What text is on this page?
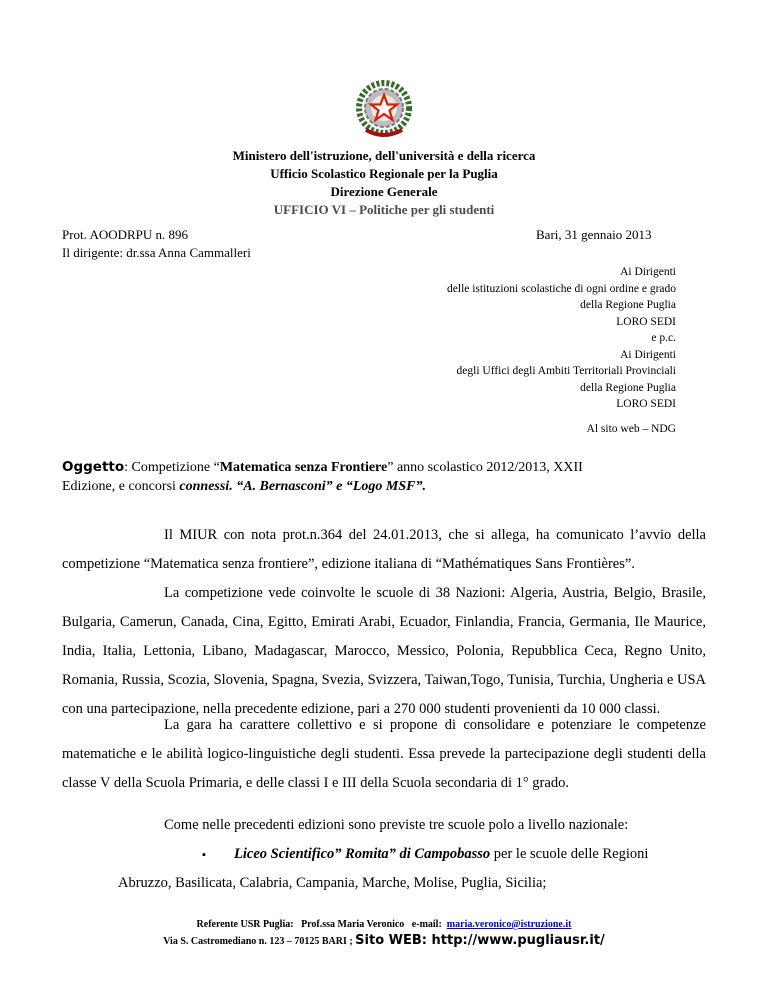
Ministero dell'istruzione, dell'università e della ricerca
Ufficio Scolastico Regionale per la Puglia
Direzione Generale
UFFICIO VI – Politiche per gli studenti
Prot. AOODRPU n. 896
Il dirigente: dr.ssa Anna Cammalleri
Bari, 31 gennaio 2013
Ai Dirigenti
delle istituzioni scolastiche di ogni ordine e grado
della Regione Puglia
LORO SEDI
e p.c.
Ai Dirigenti
degli Uffici degli Ambiti Territoriali Provinciali
della Regione Puglia
LORO SEDI
Al sito web – NDG
Oggetto: Competizione “Matematica senza Frontiere” anno scolastico 2012/2013, XXII
Edizione, e concorsi connessi. “A. Bernasconi” e “Logo MSF”.
Il MIUR con nota prot.n.364 del 24.01.2013, che si allega, ha comunicato l’avvio della competizione “Matematica senza frontiere”, edizione italiana di “Mathématiques Sans Frontières”.
La competizione vede coinvolte le scuole di 38 Nazioni: Algeria, Austria, Belgio, Brasile, Bulgaria, Camerun, Canada, Cina, Egitto, Emirati Arabi, Ecuador, Finlandia, Francia, Germania, Ile Maurice, India, Italia, Lettonia, Libano, Madagascar, Marocco, Messico, Polonia, Repubblica Ceca, Regno Unito, Romania, Russia, Scozia, Slovenia, Spagna, Svezia, Svizzera, Taiwan,Togo, Tunisia, Turchia, Ungheria e USA con una partecipazione, nella precedente edizione, pari a 270 000 studenti provenienti da 10 000 classi.
La gara ha carattere collettivo e si propone di consolidare e potenziare le competenze matematiche e le abilità logico-linguistiche degli studenti. Essa prevede la partecipazione degli studenti della classe V della Scuola Primaria, e delle classi I e III della Scuola secondaria di 1° grado.
Come nelle precedenti edizioni sono previste tre scuole polo a livello nazionale:
▪ Liceo Scientifico” Romita” di Campobasso per le scuole delle Regioni
Abruzzo, Basilicata, Calabria, Campania, Marche, Molise, Puglia, Sicilia;
Referente USR Puglia: Prof.ssa Maria Veronico e-mail: maria.veronico@istruzione.it
Via S. Castromediano n. 123 – 70125 BARI ; Sito WEB: http://www.pugliausr.it/
